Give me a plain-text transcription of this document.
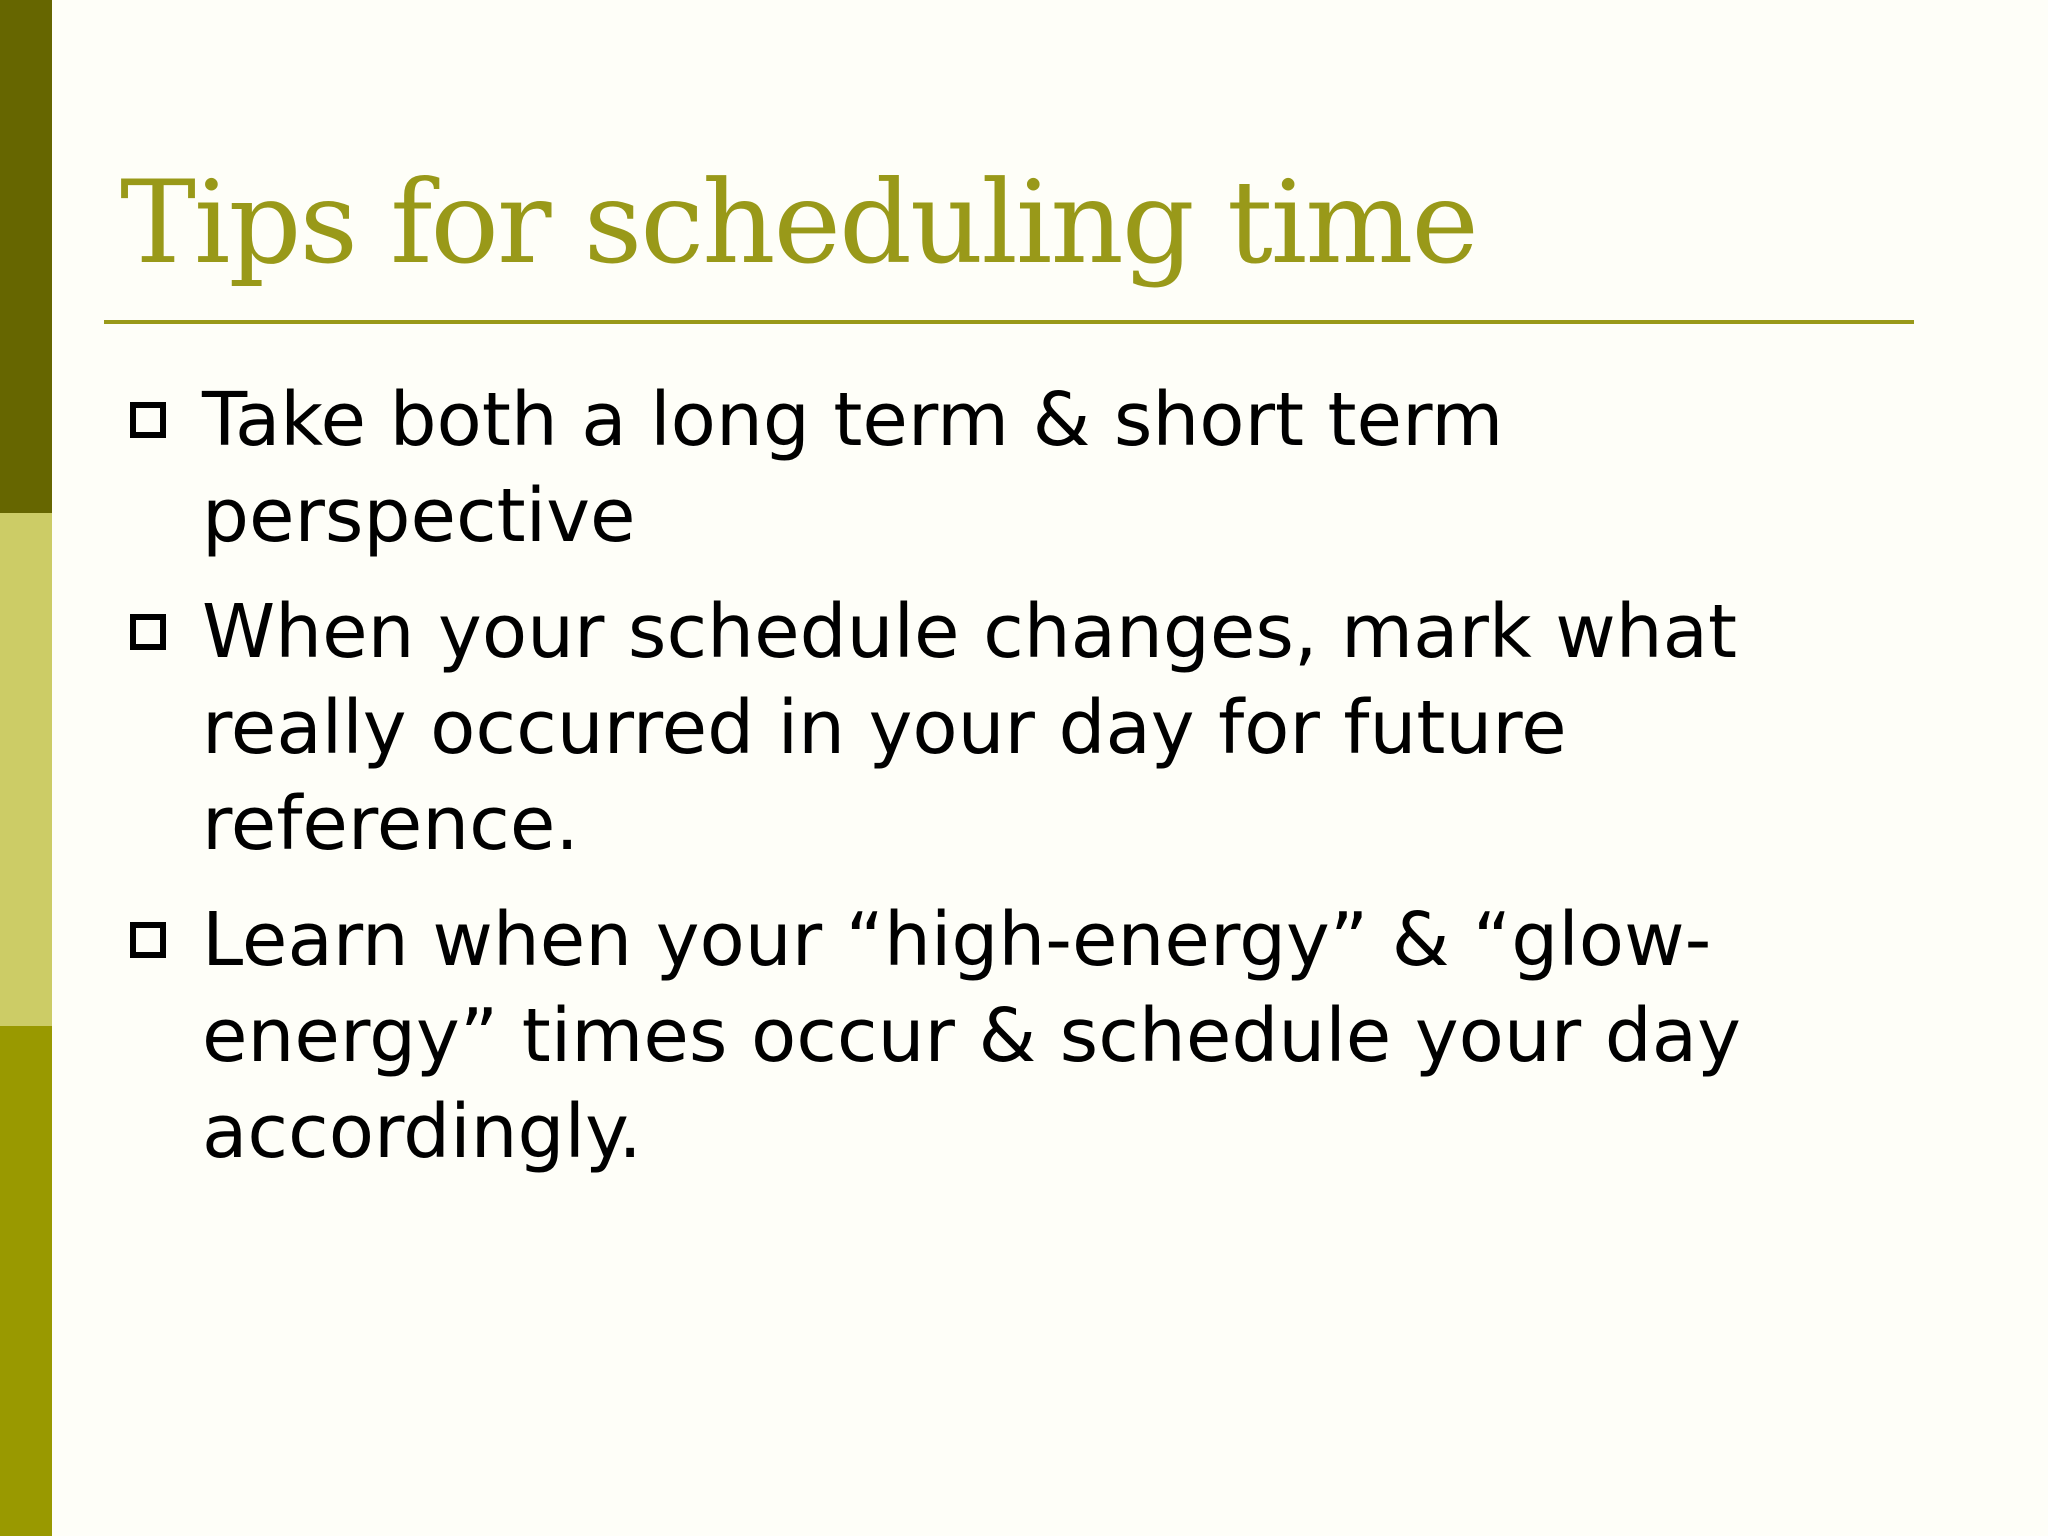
Tips for scheduling time
Take both a long term & short term
perspective
When your schedule changes, mark what
really occurred in your day for future
reference.
Learn when your “high-energy” & “glow-
energy” times occur & schedule your day
accordingly.
